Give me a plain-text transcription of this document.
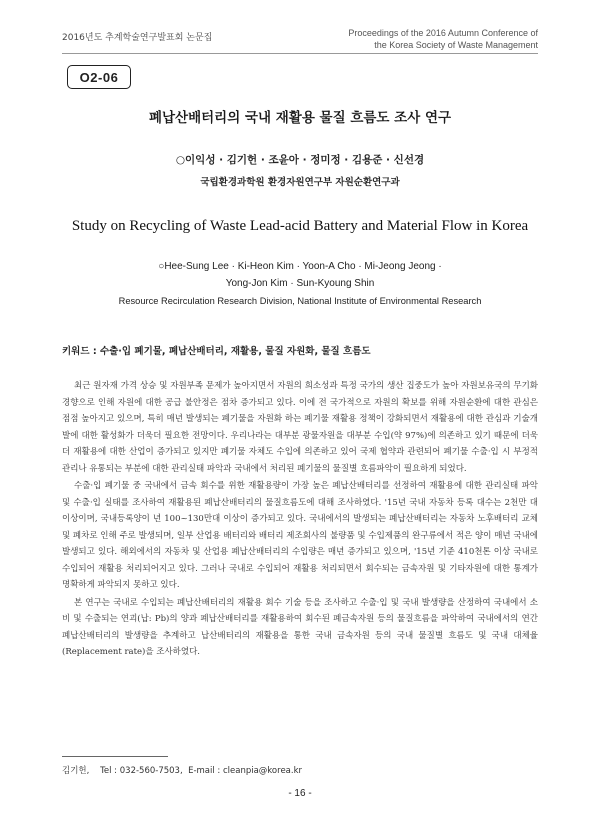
2016년도 추계학술연구발표회 논문집	Proceedings of the 2016 Autumn Conference of
the Korea Society of Waste Management
O2-06
폐납산배터리의 국내 재활용 물질 흐름도 조사 연구
○이익성 · 김기헌 · 조윤아 · 정미정 · 김용준 · 신선경
국립환경과학원 환경자원연구부 자원순환연구과
Study on Recycling of Waste Lead-acid Battery and Material Flow in Korea
○Hee-Sung Lee · Ki-Heon Kim · Yoon-A Cho · Mi-Jeong Jeong ·
Yong-Jon Kim · Sun-Kyoung Shin
Resource Recirculation Research Division, National Institute of Environmental Research
키워드 : 수출·입 폐기물, 폐납산배터리, 재활용, 물질 자원화, 물질 흐름도

최근 원자재 가격 상승 및 자원부족 문제가 높아지면서 자원의 희소성과 특정 국가의 생산 집중도가 높아 자원보유국의 무기화 경향으로 인해 자원에 대한 공급 불안정은 점차 증가되고 있다. 이에 전 국가적으로 자원의 확보를 위해 자원순환에 대한 관심은 점점 높아지고 있으며, 특히 매년 발생되는 폐기물을 자원화 하는 폐기물 재활용 정책이 강화되면서 재활용에 대한 관심과 기술개발에 대한 활성화가 더욱더 필요한 전망이다. 우리나라는 대부분 광물자원을 대부분 수입(약 97%)에 의존하고 있기 때문에 더욱더 재활용에 대한 산업이 증가되고 있지만 폐기물 자체도 수입에 의존하고 있어 국제 협약과 관련되어 폐기물 수출·입 시 부정적 관리나 유통되는 부분에 대한 관리실태 파악과 국내에서 처리된 폐기물의 물질별 흐름파악이 필요하게 되었다.

수출·입 폐기물 중 국내에서 금속 회수를 위한 재활용량이 가장 높은 폐납산배터리를 선정하여 재활용에 대한 관리실태 파악 및 수출·입 실태를 조사하여 재활용된 폐납산배터리의 물질흐름도에 대해 조사하였다. '15년 국내 자동차 등록 대수는 2천만 대 이상이며, 국내등록양이 년 100~130만대 이상이 증가되고 있다. 국내에서의 발생되는 폐납산배터리는 자동차 노후배터리 교체 및 폐차로 인해 주로 발생되며, 일부 산업용 배터리와 배터리 제조회사의 불량품 및 수입제품의 완구류에서 적은 양이 매년 국내에 발생되고 있다. 해외에서의 자동차 및 산업용 폐납산배터리의 수입량은 매년 증가되고 있으며, '15년 기준 410천톤 이상 국내로 수입되어 재활용 처리되어지고 있다. 그러나 국내로 수입되어 재활용 처리되면서 회수되는 금속자원 및 기타자원에 대한 통계가 명확하게 파악되지 못하고 있다.

본 연구는 국내로 수입되는 폐납산배터리의 재활용 회수 기술 등을 조사하고 수출·입 및 국내 발생량을 산정하여 국내에서 소비 및 수출되는 연괴(납: Pb)의 양과 폐납산배터리를 재활용하여 회수된 폐금속자원 등의 물질흐름을 파악하여 국내에서의 연간 폐납산배터리의 발생량을 추계하고 납산배터리의 재활용을 통한 국내 금속자원 등의 국내 물질별 흐름도 및 국내 대체율(Replacement rate)을 조사하였다.

김기헌,    Tel : 032-560-7503,  E-mail : cleanpia@korea.kr
- 16 -
